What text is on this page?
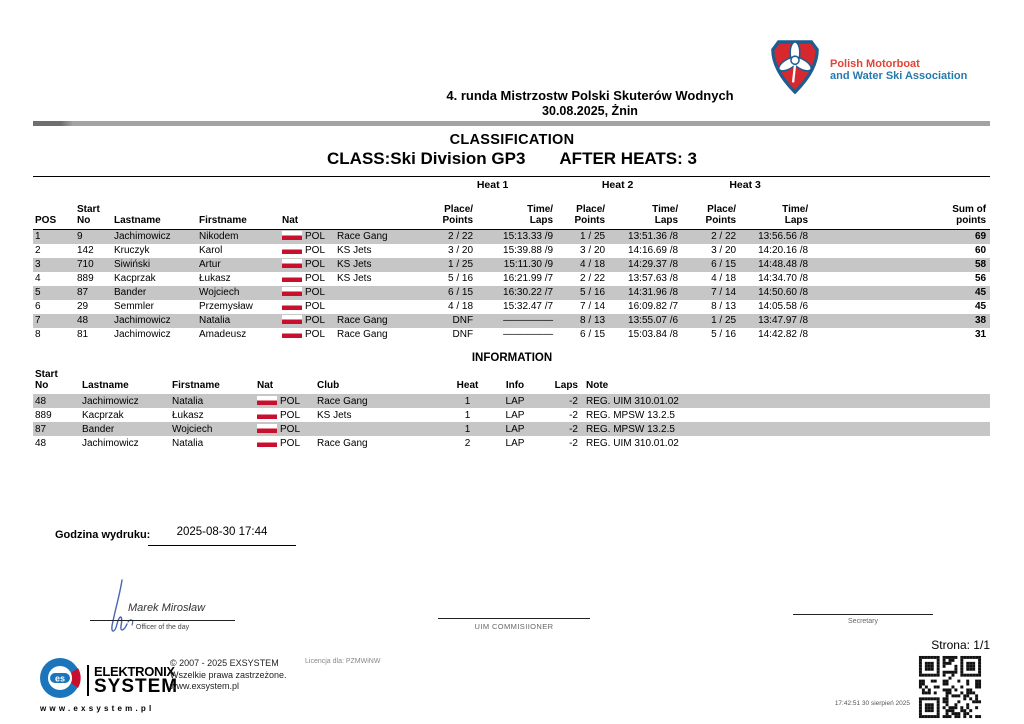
4. runda Mistrzostw Polski Skuterów Wodnych
30.08.2025, Żnin
Polish Motorboat
and Water Ski Association
CLASSIFICATION
CLASS:Ski Division GP3 AFTER HEATS: 3
						Heat 1		Heat 2		Heat 3		
POS	Start
No	Lastname	Firstname	Nat		Place/
Points	Time/
Laps	Place/
Points	Time/
Laps	Place/
Points	Time/
Laps	Sum of
points
1	9	Jachimowicz	Nikodem	POL	Race Gang	2 / 22	15:13.33 /9	1 / 25	13:51.36 /8	2 / 22	13:56.56 /8	69
2	142	Kruczyk	Karol	POL	KS Jets	3 / 20	15:39.88 /9	3 / 20	14:16.69 /8	3 / 20	14:20.16 /8	60
3	710	Siwiński	Artur	POL	KS Jets	1 / 25	15:11.30 /9	4 / 18	14:29.37 /8	6 / 15	14:48.48 /8	58
4	889	Kacprzak	Łukasz	POL	KS Jets	5 / 16	16:21.99 /7	2 / 22	13:57.63 /8	4 / 18	14:34.70 /8	56
5	87	Bander	Wojciech	POL		6 / 15	16:30.22 /7	5 / 16	14:31.96 /8	7 / 14	14:50.60 /8	45
6	29	Semmler	Przemysław	POL		4 / 18	15:32.47 /7	7 / 14	16:09.82 /7	8 / 13	14:05.58 /6	45
7	48	Jachimowicz	Natalia	POL	Race Gang	DNF	—————	8 / 13	13:55.07 /6	1 / 25	13:47.97 /8	38
8	81	Jachimowicz	Amadeusz	POL	Race Gang	DNF	—————	6 / 15	15:03.84 /8	5 / 16	14:42.82 /8	31
INFORMATION
Start
No	Lastname	Firstname	Nat	Club	Heat	Info	Laps	Note
48	Jachimowicz	Natalia	POL	Race Gang	1	LAP	-2	REG. UIM 310.01.02
889	Kacprzak	Łukasz	POL	KS Jets	1	LAP	-2	REG. MPSW 13.2.5
87	Bander	Wojciech	POL		1	LAP	-2	REG. MPSW 13.2.5
48	Jachimowicz	Natalia	POL	Race Gang	2	LAP	-2	REG. UIM 310.01.02
Godzina wydruku:	2025-08-30 17:44
Marek Mirosław
Officer of the day	UIM COMMISIIONER
Secretary
Strona: 1/1
es ELEKTRONIX
SYSTEM
www.exsystem.pl
© 2007 - 2025 EXSYSTEM
Wszelkie prawa zastrzeżone.
www.exsystem.pl
Licencja dla: PZMWiNW
17:42:51 30 sierpień 2025
